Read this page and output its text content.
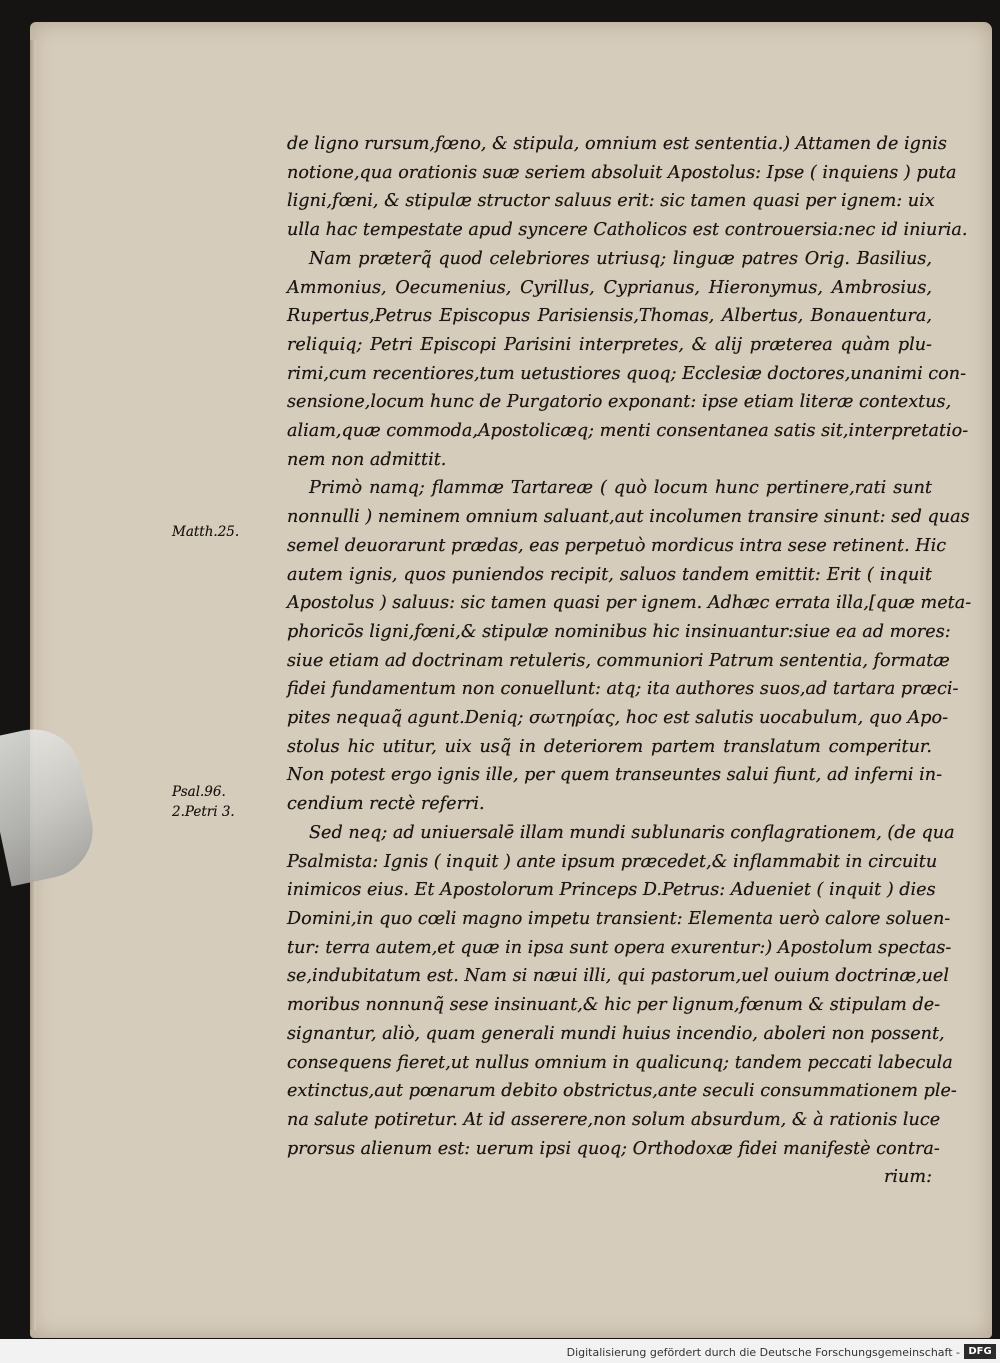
de ligno rursum,fœno, & stipula, omnium est sententia.) Attamen de ignis
notione,qua orationis suæ seriem absoluit Apostolus: Ipse ( inquiens ) puta
ligni,fœni, & stipulæ structor saluus erit: sic tamen quasi per ignem: uix
ulla hac tempestate apud syncere Catholicos est controuersia:nec id iniuria.
Nam præterq̃ quod celebriores utriusq; linguæ patres Orig. Basilius,
Ammonius, Oecumenius, Cyrillus, Cyprianus, Hieronymus, Ambrosius,
Rupertus,Petrus Episcopus Parisiensis,Thomas, Albertus, Bonauentura,
reliquiq; Petri Episcopi Parisini interpretes, & alij præterea quàm plu-
rimi,cum recentiores,tum uetustiores quoq; Ecclesiæ doctores,unanimi con-
sensione,locum hunc de Purgatorio exponant: ipse etiam literæ contextus,
aliam,quæ commoda,Apostolicæq; menti consentanea satis sit,interpretatio-
nem non admittit.
Primò namq; flammæ Tartareæ ( quò locum hunc pertinere,rati sunt
nonnulli ) neminem omnium saluant,aut incolumen transire sinunt: sed quas
semel deuorarunt prædas, eas perpetuò mordicus intra sese retinent. Hic
autem ignis, quos puniendos recipit, saluos tandem emittit: Erit ( inquit
Apostolus ) saluus: sic tamen quasi per ignem. Adhæc errata illa,[quæ meta-
phoricōs ligni,fœni,& stipulæ nominibus hic insinuantur:siue ea ad mores:
siue etiam ad doctrinam retuleris, communiori Patrum sententia, formatæ
fidei fundamentum non conuellunt: atq; ita authores suos,ad tartara præci-
pites nequaq̃ agunt.Deniq; σωτηρίας, hoc est salutis uocabulum, quo Apo-
stolus hic utitur, uix usq̃ in deteriorem partem translatum comperitur.
Non potest ergo ignis ille, per quem transeuntes salui fiunt, ad inferni in-
cendium rectè referri.
Sed neq; ad uniuersalē illam mundi sublunaris conflagrationem, (de qua
Psalmista: Ignis ( inquit ) ante ipsum præcedet,& inflammabit in circuitu
inimicos eius. Et Apostolorum Princeps D.Petrus: Adueniet ( inquit ) dies
Domini,in quo cœli magno impetu transient: Elementa uerò calore soluen-
tur: terra autem,et quæ in ipsa sunt opera exurentur:) Apostolum spectas-
se,indubitatum est. Nam si næui illi, qui pastorum,uel ouium doctrinæ,uel
moribus nonnunq̃ sese insinuant,& hic per lignum,fœnum & stipulam de-
signantur, aliò, quam generali mundi huius incendio, aboleri non possent,
consequens fieret,ut nullus omnium in qualicunq; tandem peccati labecula
extinctus,aut pœnarum debito obstrictus,ante seculi consummationem ple-
na salute potiretur. At id asserere,non solum absurdum, & à rationis luce
prorsus alienum est: uerum ipsi quoq; Orthodoxæ fidei manifestè contra-
rium:
Matth.25.
Psal.96.
2.Petri 3.
Digitalisierung gefördert durch die Deutsche Forschungsgemeinschaft - DFG
